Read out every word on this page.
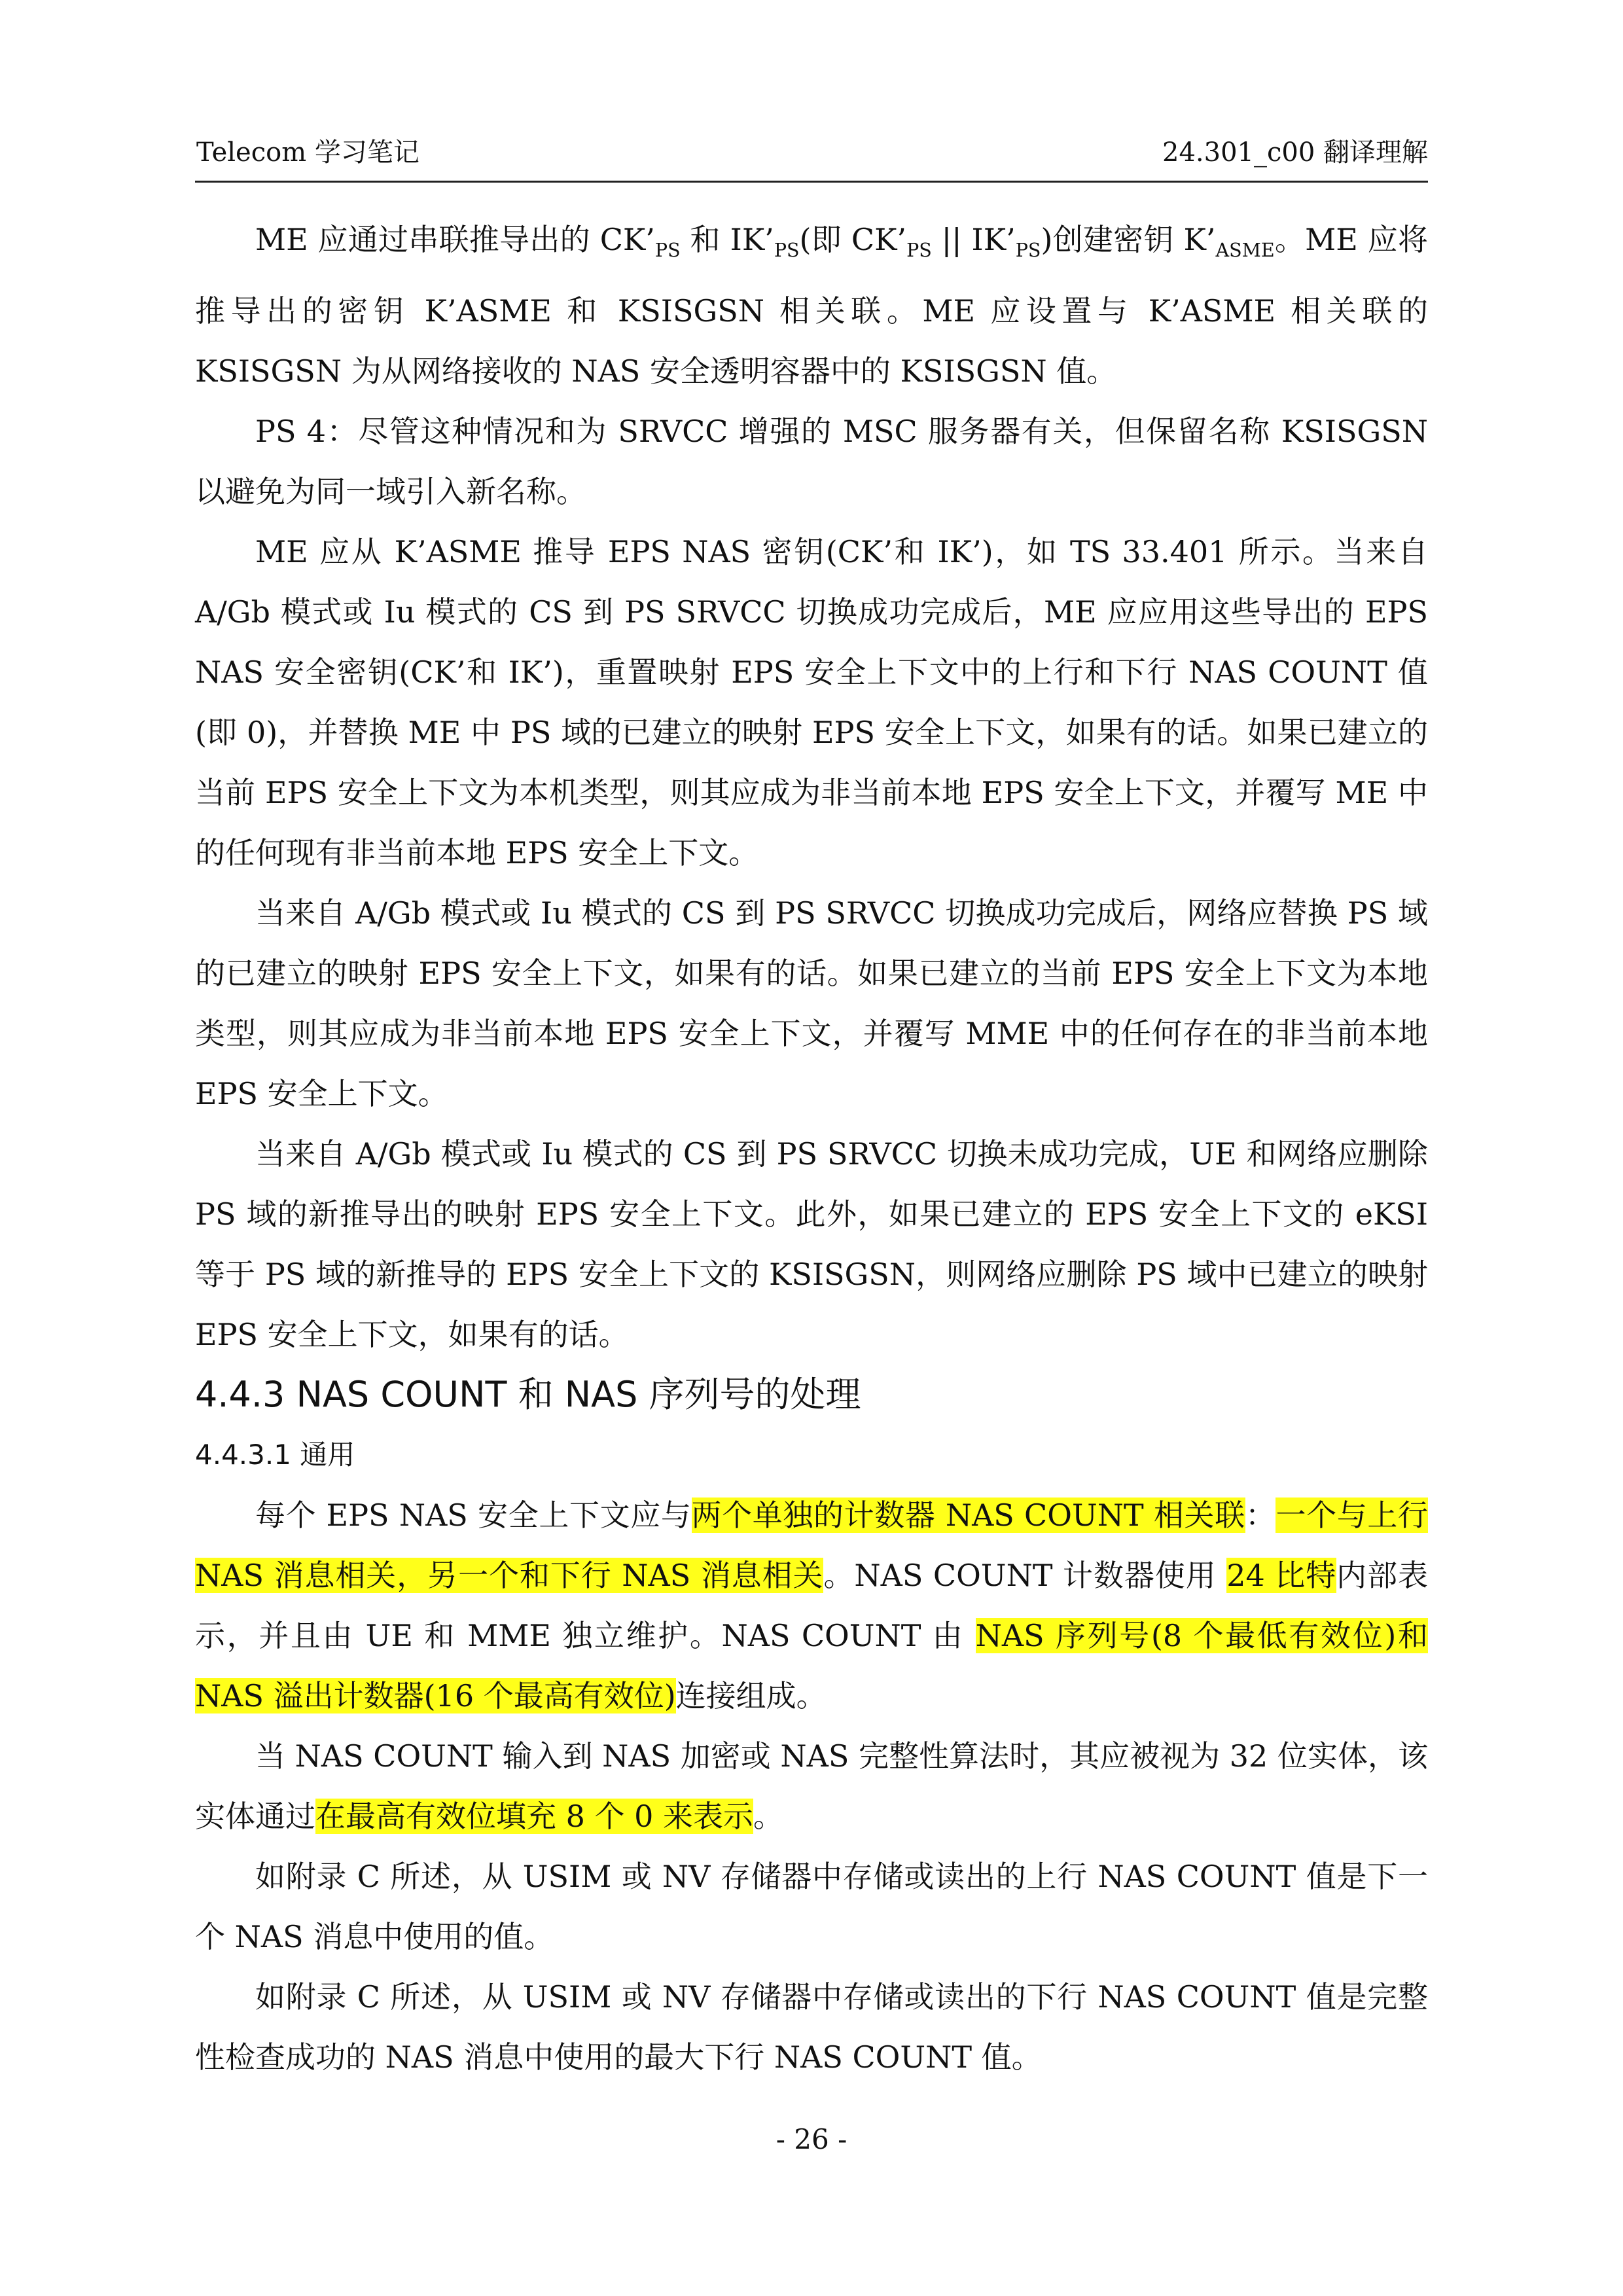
Telecom 学习笔记	24.301_c00 翻译理解

ME 应通过串联推导出的 $CK’_{PS}$ 和 $IK’_{PS}$(即 $CK’_{PS}$ || $IK’_{PS}$)创建密钥 $K’_{ASME}$。ME 应将推导出的密钥 K’ASME 和 KSISGSN 相关联。ME 应设置与 K’ASME 相关联的 KSISGSN 为从网络接收的 NAS 安全透明容器中的 KSISGSN 值。

PS 4：尽管这种情况和为 SRVCC 增强的 MSC 服务器有关，但保留名称 KSISGSN 以避免为同一域引入新名称。

ME 应从 K’ASME 推导 EPS NAS 密钥(CK’和 IK’)，如 TS 33.401 所示。当来自 A/Gb 模式或 Iu 模式的 CS 到 PS SRVCC 切换成功完成后，ME 应应用这些导出的 EPS NAS 安全密钥(CK’和 IK’)，重置映射 EPS 安全上下文中的上行和下行 NAS COUNT 值(即 0)，并替换 ME 中 PS 域的已建立的映射 EPS 安全上下文，如果有的话。如果已建立的当前 EPS 安全上下文为本机类型，则其应成为非当前本地 EPS 安全上下文，并覆写 ME 中的任何现有非当前本地 EPS 安全上下文。

当来自 A/Gb 模式或 Iu 模式的 CS 到 PS SRVCC 切换成功完成后，网络应替换 PS 域的已建立的映射 EPS 安全上下文，如果有的话。如果已建立的当前 EPS 安全上下文为本地类型，则其应成为非当前本地 EPS 安全上下文，并覆写 MME 中的任何存在的非当前本地 EPS 安全上下文。

当来自 A/Gb 模式或 Iu 模式的 CS 到 PS SRVCC 切换未成功完成，UE 和网络应删除 PS 域的新推导出的映射 EPS 安全上下文。此外，如果已建立的 EPS 安全上下文的 eKSI 等于 PS 域的新推导的 EPS 安全上下文的 KSISGSN，则网络应删除 PS 域中已建立的映射 EPS 安全上下文，如果有的话。

4.4.3 NAS COUNT 和 NAS 序列号的处理
4.4.3.1 通用

每个 EPS NAS 安全上下文应与两个单独的计数器 NAS COUNT 相关联：一个与上行 NAS 消息相关，另一个和下行 NAS 消息相关。NAS COUNT 计数器使用 24 比特内部表示，并且由 UE 和 MME 独立维护。NAS COUNT 由 NAS 序列号(8 个最低有效位)和 NAS 溢出计数器(16 个最高有效位)连接组成。

当 NAS COUNT 输入到 NAS 加密或 NAS 完整性算法时，其应被视为 32 位实体，该实体通过在最高有效位填充 8 个 0 来表示。

如附录 C 所述，从 USIM 或 NV 存储器中存储或读出的上行 NAS COUNT 值是下一个 NAS 消息中使用的值。

如附录 C 所述，从 USIM 或 NV 存储器中存储或读出的下行 NAS COUNT 值是完整性检查成功的 NAS 消息中使用的最大下行 NAS COUNT 值。

- 26 -
